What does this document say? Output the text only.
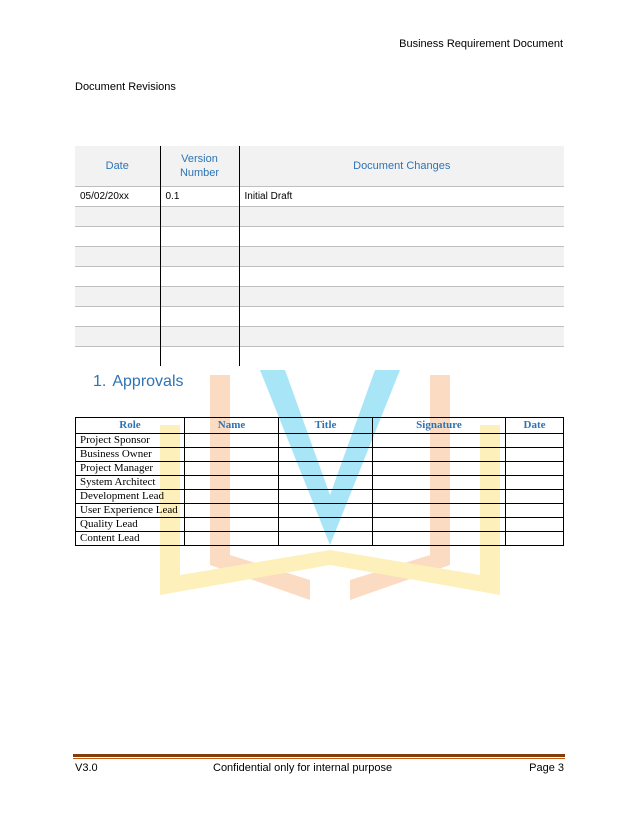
Business Requirement Document
Document Revisions
Date	Version Number	Document Changes
05/02/20xx	0.1	Initial Draft

1. Approvals
Role	Name	Title	Signature	Date
Project Sponsor				
Business Owner				
Project Manager				
System Architect				
Development Lead				
User Experience Lead				
Quality Lead				
Content Lead				
V3.0	Confidential only for internal purpose	Page 3
